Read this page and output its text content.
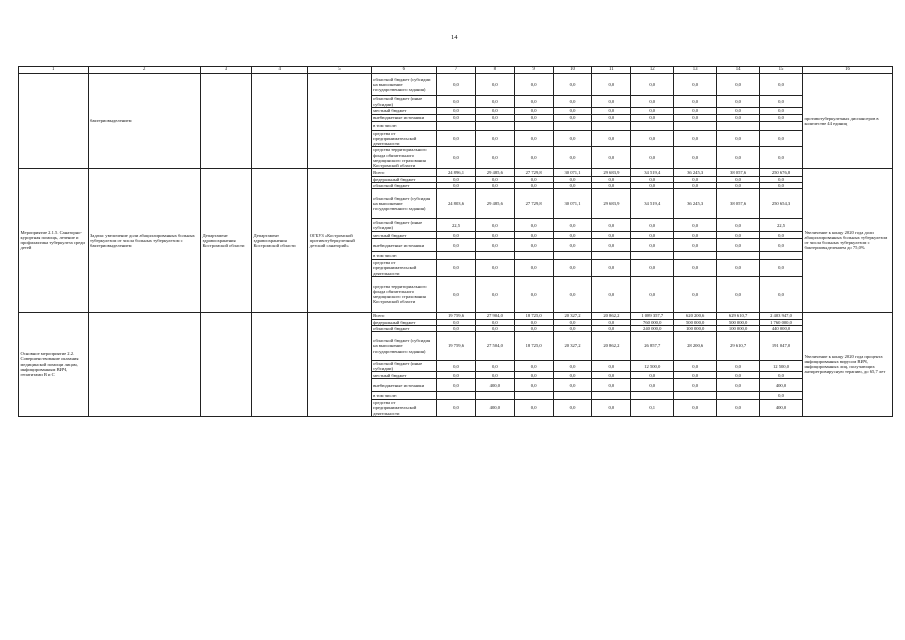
14
1	2	3	4	5	6	7	8	9	10	11	12	13	14	15	16
	бактериовыделением				областной бюджет (субсидии на выполнение государственного задания)	0,0	0,0	0,0	0,0	0,0	0,0	0,0	0,0	0,0	противотуберкулезных диспансеров в количестве 44 единиц
					областной бюджет (иные субсидии)	0,0	0,0	0,0	0,0	0,0	0,0	0,0	0,0	0,0	
					местный бюджет	0,0	0,0	0,0	0,0	0,0	0,0	0,0	0,0	0,0	
					внебюджетные источники	0,0	0,0	0,0	0,0	0,0	0,0	0,0	0,0	0,0	
					в том числе:										
					средства от предпринимательской деятельности	0,0	0,0	0,0	0,0	0,0	0,0	0,0	0,0	0,0	
					средства территориального фонда обязательного медицинского страхования Костромской области	0,0	0,0	0,0	0,0	0,0	0,0	0,0	0,0	0,0	
Мероприятие 2.1.5. Санаторно-курортная помощь, лечение и профилактика туберкулеза среди детей	Задача: увеличение доли абациллированных больных туберкулезом от числа больных туберкулезом с бактериовыделением	Департамент здравоохранения Костромской области	Департамент здравоохранения Костромской области	ОГБУЗ «Костромской противотуберкулезный детский санаторий»	Всего	24 896,1	29 485,6	27 729,8	30 071,1	29 683,9	34 519,4	36 245,3	38 057,6	250 676,8	Увеличение к концу 2020 года доли абациллированных больных туберкулезом от числа больных туберкулезом с бактериовыделением до 75,0%
					федеральный бюджет	0,0	0,0	0,0	0,0	0,0	0,0	0,0	0,0	0,0	
					областной бюджет	0,0	0,0	0,0	0,0	0,0	0,0	0,0	0,0	0,0	
					областной бюджет (субсидия на выполнение государственного задания)	24 803,6	29 485,6	27 729,8	30 071,1	29 683,9	34 519,4	36 245,3	38 057,6	250 654,3	
					областной бюджет (иные субсидии)	22,5	0,0	0,0	0,0	0,0	0,0	0,0	0,0	22,5	
					местный бюджет	0,0	0,0	0,0	0,0	0,0	0,0	0,0	0,0	0,0	
					внебюджетные источники	0,0	0,0	0,0	0,0	0,0	0,0	0,0	0,0	0,0	
					в том числе:										
					средства от предпринимательской деятельности	0,0	0,0	0,0	0,0	0,0	0,0	0,0	0,0	0,0	
					средства территориального фонда обязательного медицинского страхования Костромской области	0,0	0,0	0,0	0,0	0,0	0,0	0,0	0,0	0,0	
Основное мероприятие 2.2. Совершенствование оказания медицинской помощи лицам, инфицированным ВИЧ, гепатитами В и С					Всего	19 759,6	27 904,0	18 725,0	20 327,2	20 862,2	1 089 357,7	620 200,6	629 610,7	2 403 947,0	Увеличение к концу 2020 года процента инфицированных вирусом ВИЧ, инфицированных лиц, получающих антиретровирусную терапию, до 65,7 лет
					федеральный бюджет	0,0	0,0	0,0	0,0	0,0	760 000,0	500 000,0	500 000,0	1 760 000,0	
					областной бюджет	0,0	0,0	0,0	0,0	0,0	240 000,0	100 000,0	100 000,0	440 000,0	
					областной бюджет (субсидия на выполнение государственного задания)	19 759,6	27 504,0	18 725,0	20 327,2	20 862,2	26 857,7	28 200,6	29 610,7	191 047,0	
					областной бюджет (иные субсидии)	0,0	0,0	0,0	0,0	0,0	12 500,0	0,0	0,0	12 500,0	
					местный бюджет	0,0	0,0	0,0	0,0	0,0	0,0	0,0	0,0	0,0	
					внебюджетные источники	0,0	400,0	0,0	0,0	0,0	0,0	0,0	0,0	400,0	
					в том числе:									0,0	
					средства от предпринимательской деятельности	0,0	400,0	0,0	0,0	0,0	0,1	0,0	0,0	400,0	
